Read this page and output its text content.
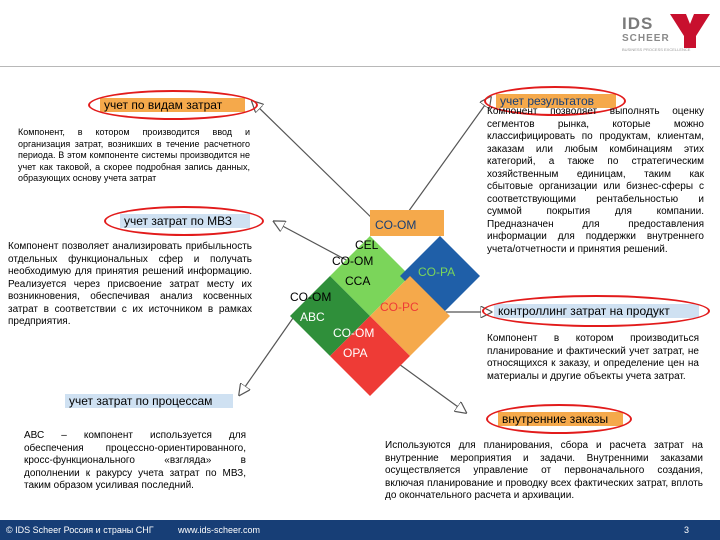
IDS
SCHEER
BUSINESS PROCESS EXCELLENCE
CO-OM
CEL
CO-OM
CCA
CO-PA
CO-OM
ABC
CO-PC
CO-OM
OPA
учет по видам затрат	учет результатов
учет затрат по МВЗ
контроллинг затрат на продукт
учет затрат по процессам
внутренние заказы
Компонент, в котором производится ввод и организация затрат, возникших в течение расчетного периода. В этом компоненте системы производится не учет как таковой, а скорее подробная запись данных, образующих основу учета затрат
Компонент позволяет анализировать прибыльность отдельных функциональных сфер и получать необходимую для принятия решений информацию. Реализуется через присвоение затрат месту их возникновения, обеспечивая анализ косвенных затрат в соответствии с их источником в рамках предприятия.
Компонент позволяет выполнять оценку сегментов рынка, которые можно классифицировать по продуктам, клиентам, заказам или любым комбинациям этих категорий, а также по стратегическим хозяйственным единицам, таким как сбытовые организации или бизнес-сферы с соответствующими рентабельностью и суммой покрытия для компании. Предназначен для предоставления информации для поддержки внутреннего учета/отчетности и принятия решений.
Компонент в котором производиться планирование и фактический учет затрат, не относящихся к заказу, и определение цен на материалы и другие объекты учета затрат.
АВС – компонент используется для обеспечения процессно-ориентированного, кросс-функционального «взгляда» в дополнении к ракурсу учета затрат по МВЗ, таким образом усиливая последний.
Используются для планирования, сбора и расчета затрат на внутренние мероприятия и задачи. Внутренними заказами осуществляется управление от первоначального создания, включая планирование и проводку всех фактических затрат, вплоть до окончательного расчета и архивации.
© IDS Scheer Россия и страны СНГ	www.ids-scheer.com	3
